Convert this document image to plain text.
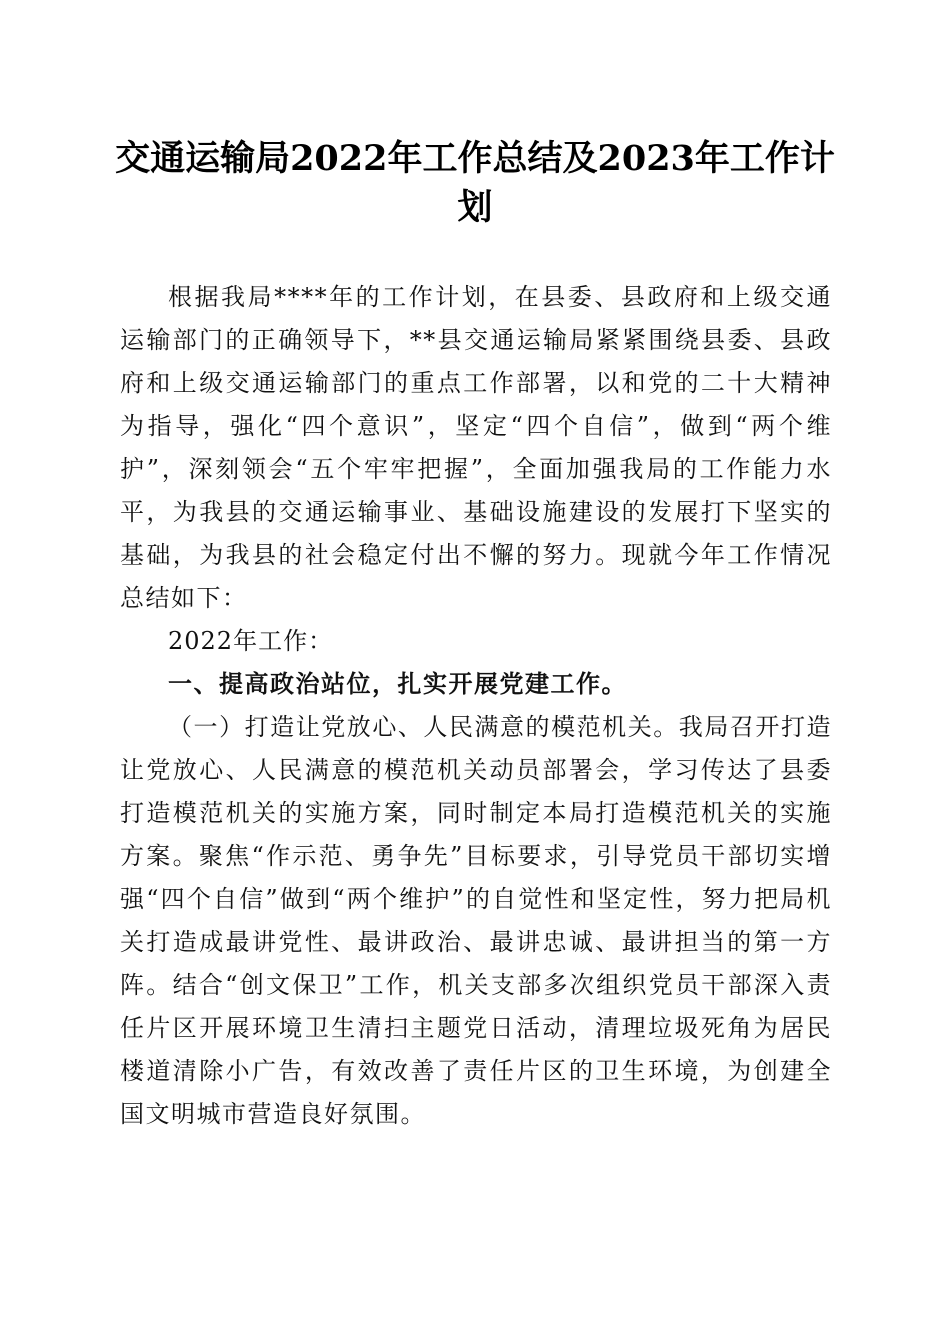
交通运输局2022年工作总结及2023年工作计划

根据我局****年的工作计划，在县委、县政府和上级交通运输部门的正确领导下，**县交通运输局紧紧围绕县委、县政府和上级交通运输部门的重点工作部署，以和党的二十大精神为指导，强化“四个意识”，坚定“四个自信”，做到“两个维护”，深刻领会“五个牢牢把握”，全面加强我局的工作能力水平，为我县的交通运输事业、基础设施建设的发展打下坚实的基础，为我县的社会稳定付出不懈的努力。现就今年工作情况总结如下：

2022年工作：

一、提高政治站位，扎实开展党建工作。

（一）打造让党放心、人民满意的模范机关。我局召开打造让党放心、人民满意的模范机关动员部署会，学习传达了县委打造模范机关的实施方案，同时制定本局打造模范机关的实施方案。聚焦“作示范、勇争先”目标要求，引导党员干部切实增强“四个自信”做到“两个维护”的自觉性和坚定性，努力把局机关打造成最讲党性、最讲政治、最讲忠诚、最讲担当的第一方阵。结合“创文保卫”工作，机关支部多次组织党员干部深入责任片区开展环境卫生清扫主题党日活动，清理垃圾死角为居民楼道清除小广告，有效改善了责任片区的卫生环境，为创建全国文明城市营造良好氛围。
